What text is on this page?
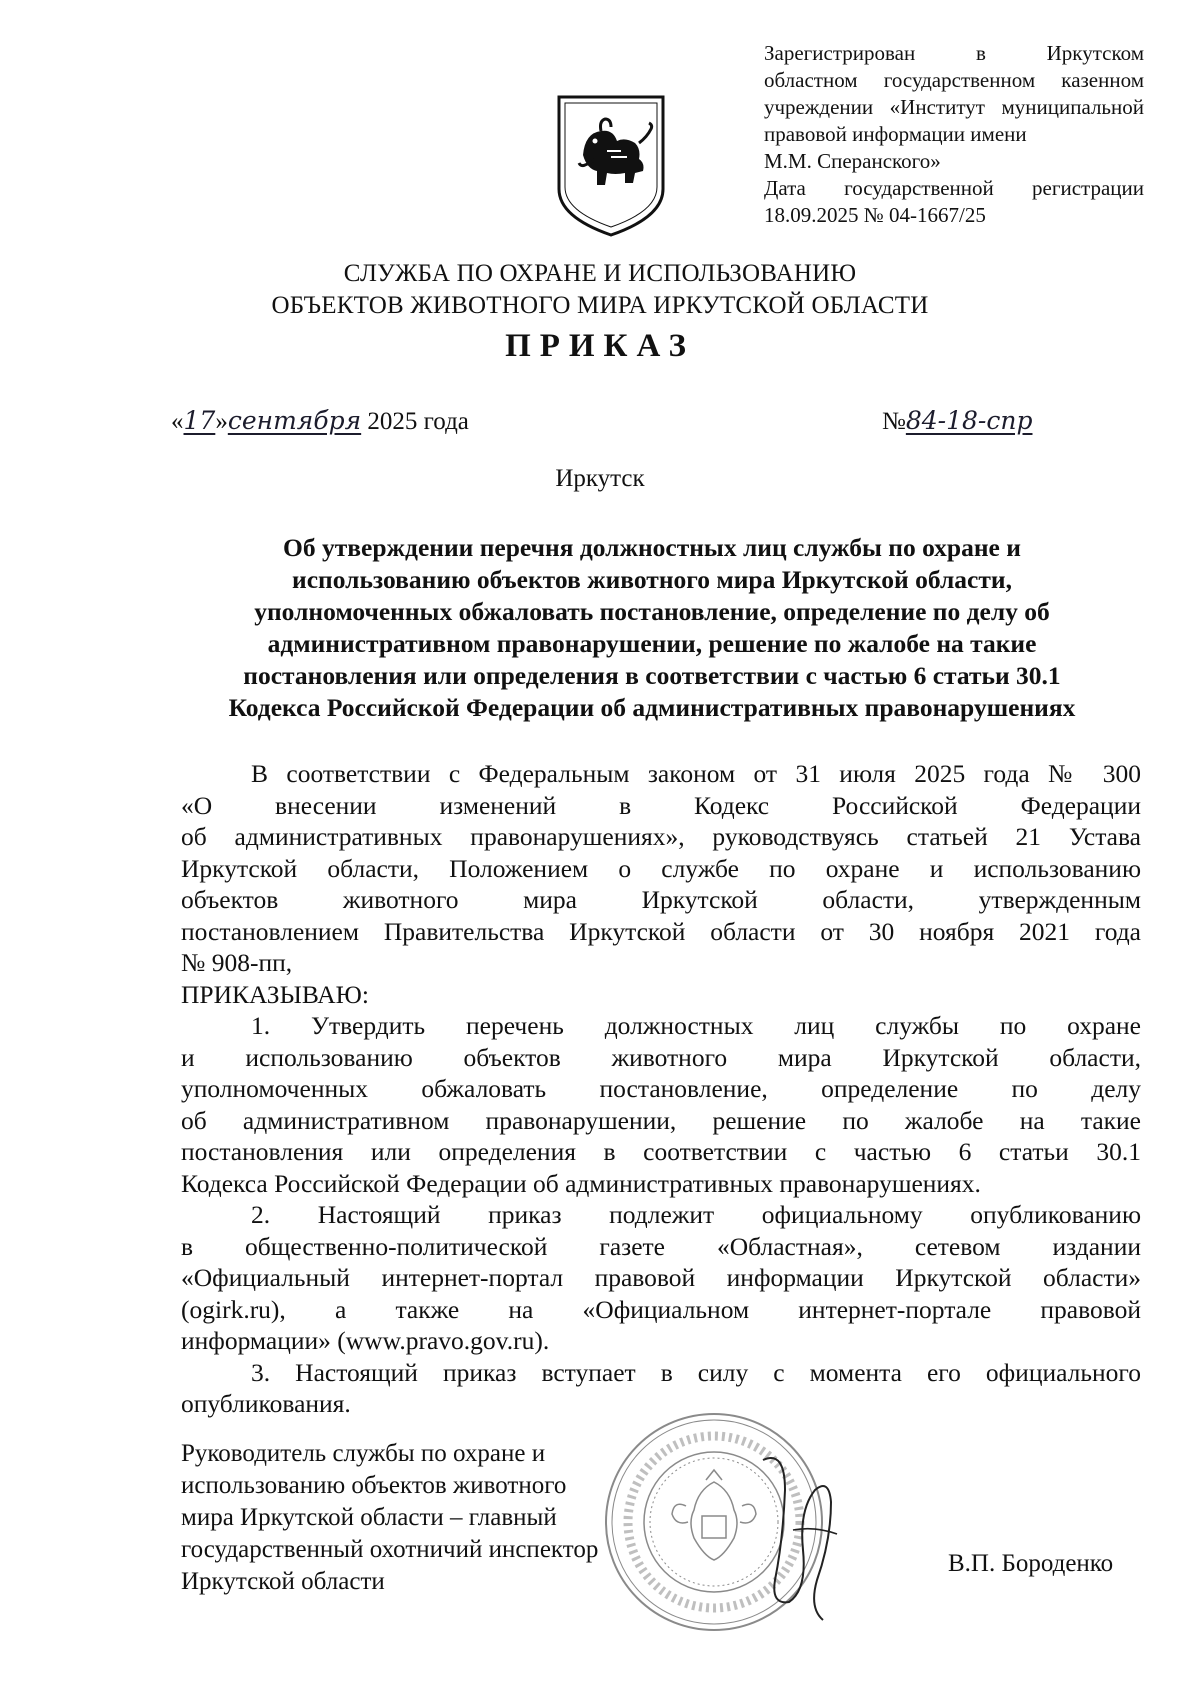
Зарегистрирован в Иркутском
областном государственном казенном
учреждении «Институт муниципальной
правовой информации имени
М.М. Сперанского»
Дата государственной регистрации
18.09.2025 № 04-1667/25
СЛУЖБА ПО ОХРАНЕ И ИСПОЛЬЗОВАНИЮ
ОБЪЕКТОВ ЖИВОТНОГО МИРА ИРКУТСКОЙ ОБЛАСТИ
ПРИКАЗ
«17»сентября 2025 года	№84-18-спр
Иркутск
Об утверждении перечня должностных лиц службы по охране и
использованию объектов животного мира Иркутской области,
уполномоченных обжаловать постановление, определение по делу об
административном правонарушении, решение по жалобе на такие
постановления или определения в соответствии с частью 6 статьи 30.1
Кодекса Российской Федерации об административных правонарушениях
В соответствии с Федеральным законом от 31 июля 2025 года № 300
«О внесении изменений в Кодекс Российской Федерации
об административных правонарушениях», руководствуясь статьей 21 Устава
Иркутской области, Положением о службе по охране и использованию
объектов животного мира Иркутской области, утвержденным
постановлением Правительства Иркутской области от 30 ноября 2021 года
№ 908-пп,
ПРИКАЗЫВАЮ:
1. Утвердить перечень должностных лиц службы по охране
и использованию объектов животного мира Иркутской области,
уполномоченных обжаловать постановление, определение по делу
об административном правонарушении, решение по жалобе на такие
постановления или определения в соответствии с частью 6 статьи 30.1
Кодекса Российской Федерации об административных правонарушениях.
2. Настоящий приказ подлежит официальному опубликованию
в общественно-политической газете «Областная», сетевом издании
«Официальный интернет-портал правовой информации Иркутской области»
(ogirk.ru), а также на «Официальном интернет-портале правовой
информации» (www.pravo.gov.ru).
3. Настоящий приказ вступает в силу с момента его официального
опубликования.
Руководитель службы по охране и
использованию объектов животного
мира Иркутской области – главный
государственный охотничий инспектор
Иркутской области
В.П. Бороденко
